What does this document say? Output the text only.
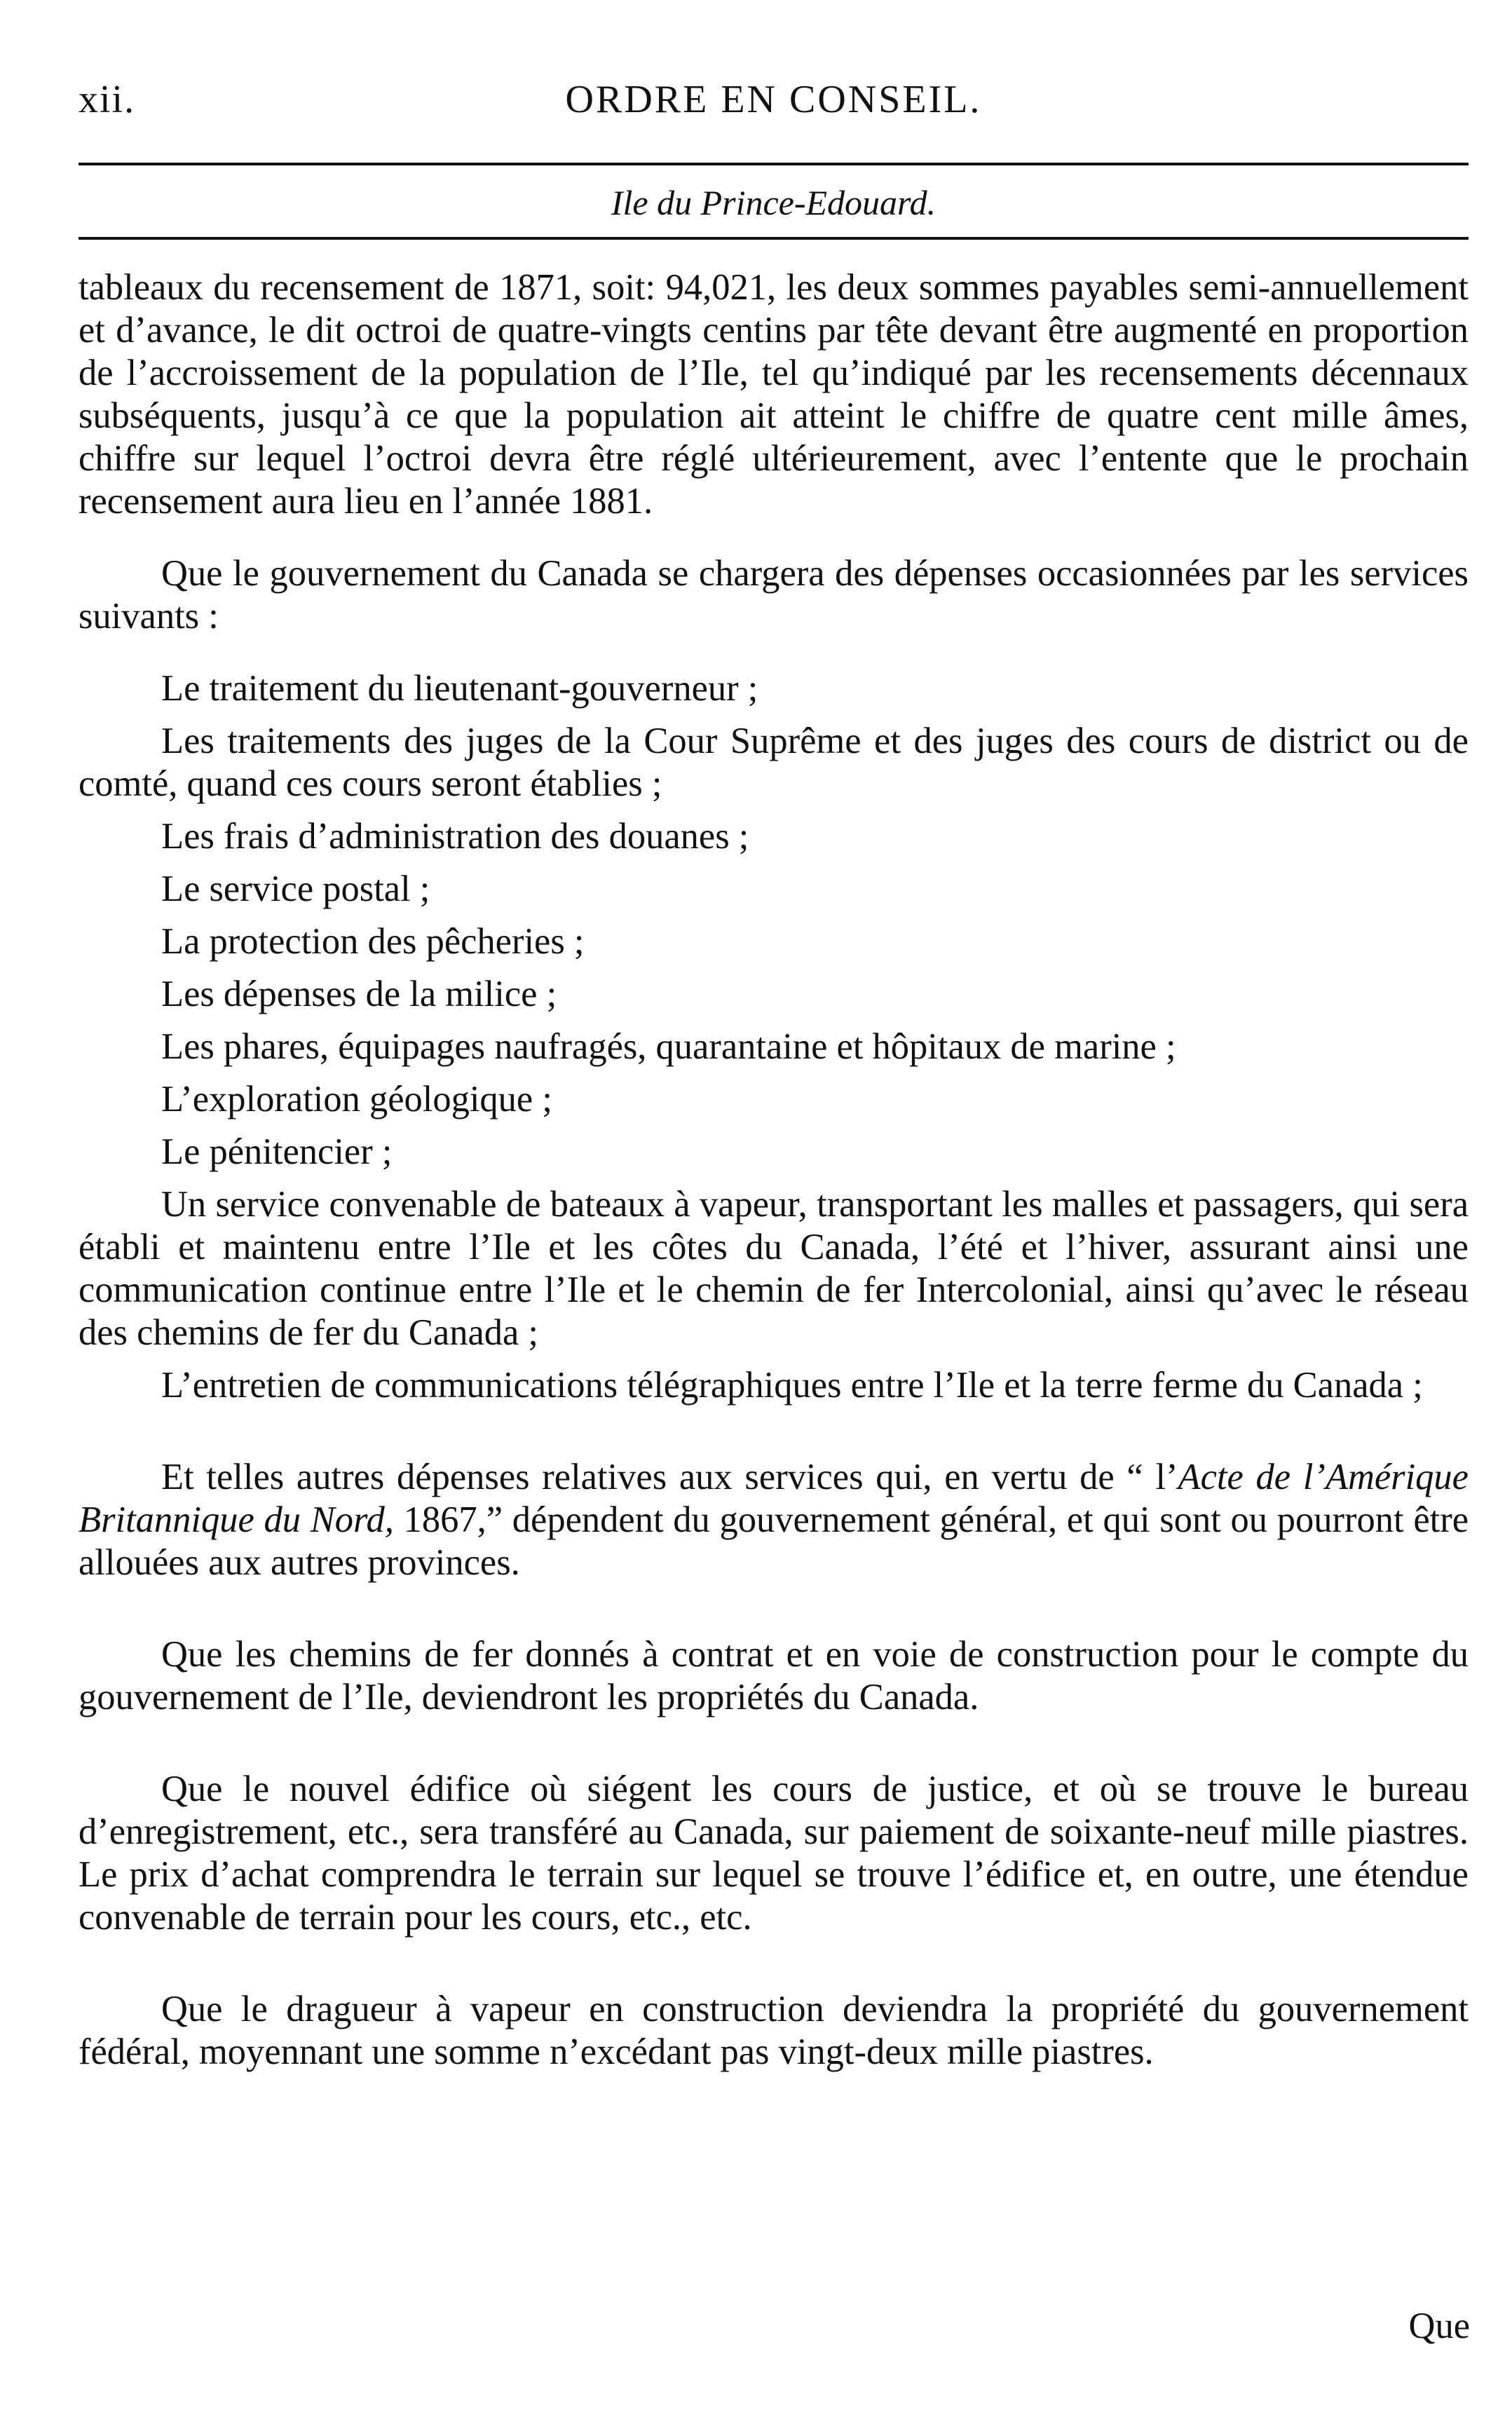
xii.	ORDRE EN CONSEIL.
Ile du Prince-Edouard.

tableaux du recensement de 1871, soit: 94,021, les deux sommes payables semi-annuellement et d’avance, le dit octroi de quatre-vingts centins par tête devant être augmenté en proportion de l’accroissement de la population de l’Ile, tel qu’indiqué par les recensements décennaux subséquents, jusqu’à ce que la population ait atteint le chiffre de quatre cent mille âmes, chiffre sur lequel l’octroi devra être réglé ultérieurement, avec l’entente que le prochain recensement aura lieu en l’année 1881.

Que le gouvernement du Canada se chargera des dépenses occasionnées par les services suivants :

Le traitement du lieutenant-gouverneur ;

Les traitements des juges de la Cour Suprême et des juges des cours de district ou de comté, quand ces cours seront établies ;

Les frais d’administration des douanes ;

Le service postal ;

La protection des pêcheries ;

Les dépenses de la milice ;

Les phares, équipages naufragés, quarantaine et hôpitaux de marine ;

L’exploration géologique ;

Le pénitencier ;

Un service convenable de bateaux à vapeur, transportant les malles et passagers, qui sera établi et maintenu entre l’Ile et les côtes du Canada, l’été et l’hiver, assurant ainsi une communication continue entre l’Ile et le chemin de fer Intercolonial, ainsi qu’avec le réseau des chemins de fer du Canada ;

L’entretien de communications télégraphiques entre l’Ile et la terre ferme du Canada ;

Et telles autres dépenses relatives aux services qui, en vertu de “ l’Acte de l’Amérique Britannique du Nord, 1867,” dépendent du gouvernement général, et qui sont ou pourront être allouées aux autres provinces.

Que les chemins de fer donnés à contrat et en voie de construction pour le compte du gouvernement de l’Ile, deviendront les propriétés du Canada.

Que le nouvel édifice où siégent les cours de justice, et où se trouve le bureau d’enregistrement, etc., sera transféré au Canada, sur paiement de soixante-neuf mille piastres. Le prix d’achat comprendra le terrain sur lequel se trouve l’édifice et, en outre, une étendue convenable de terrain pour les cours, etc., etc.

Que le dragueur à vapeur en construction deviendra la propriété du gouvernement fédéral, moyennant une somme n’excédant pas vingt-deux mille piastres.

Que
